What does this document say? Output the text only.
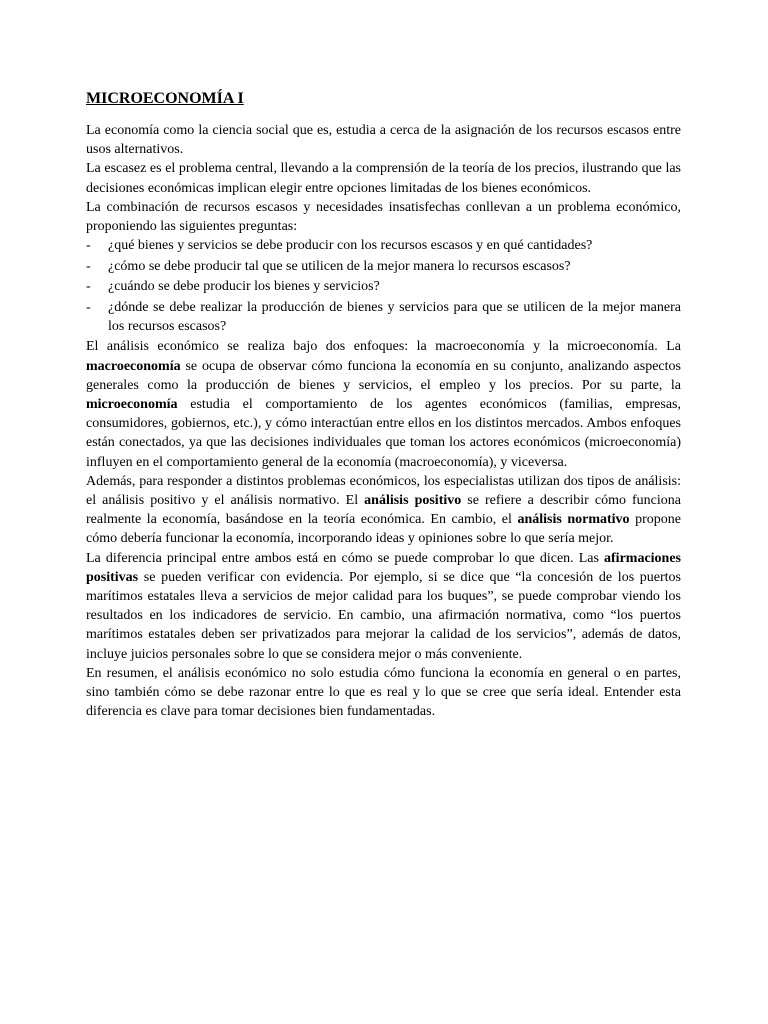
MICROECONOMÍA I

La economía como la ciencia social que es, estudia a cerca de la asignación de los recursos escasos entre usos alternativos.

La escasez es el problema central, llevando a la comprensión de la teoría de los precios, ilustrando que las decisiones económicas implican elegir entre opciones limitadas de los bienes económicos.

La combinación de recursos escasos y necesidades insatisfechas conllevan a un problema económico, proponiendo las siguientes preguntas:

-	¿qué bienes y servicios se debe producir con los recursos escasos y en qué cantidades?
-	¿cómo se debe producir tal que se utilicen de la mejor manera lo recursos escasos?
-	¿cuándo se debe producir los bienes y servicios?
-	¿dónde se debe realizar la producción de bienes y servicios para que se utilicen de la mejor manera los recursos escasos?

El análisis económico se realiza bajo dos enfoques: la macroeconomía y la microeconomía. La macroeconomía se ocupa de observar cómo funciona la economía en su conjunto, analizando aspectos generales como la producción de bienes y servicios, el empleo y los precios. Por su parte, la microeconomía estudia el comportamiento de los agentes económicos (familias, empresas, consumidores, gobiernos, etc.), y cómo interactúan entre ellos en los distintos mercados. Ambos enfoques están conectados, ya que las decisiones individuales que toman los actores económicos (microeconomía) influyen en el comportamiento general de la economía (macroeconomía), y viceversa.

Además, para responder a distintos problemas económicos, los especialistas utilizan dos tipos de análisis: el análisis positivo y el análisis normativo. El análisis positivo se refiere a describir cómo funciona realmente la economía, basándose en la teoría económica. En cambio, el análisis normativo propone cómo debería funcionar la economía, incorporando ideas y opiniones sobre lo que sería mejor.

La diferencia principal entre ambos está en cómo se puede comprobar lo que dicen. Las afirmaciones positivas se pueden verificar con evidencia. Por ejemplo, si se dice que “la concesión de los puertos marítimos estatales lleva a servicios de mejor calidad para los buques”, se puede comprobar viendo los resultados en los indicadores de servicio. En cambio, una afirmación normativa, como “los puertos marítimos estatales deben ser privatizados para mejorar la calidad de los servicios”, además de datos, incluye juicios personales sobre lo que se considera mejor o más conveniente.

En resumen, el análisis económico no solo estudia cómo funciona la economía en general o en partes, sino también cómo se debe razonar entre lo que es real y lo que se cree que sería ideal. Entender esta diferencia es clave para tomar decisiones bien fundamentadas.
